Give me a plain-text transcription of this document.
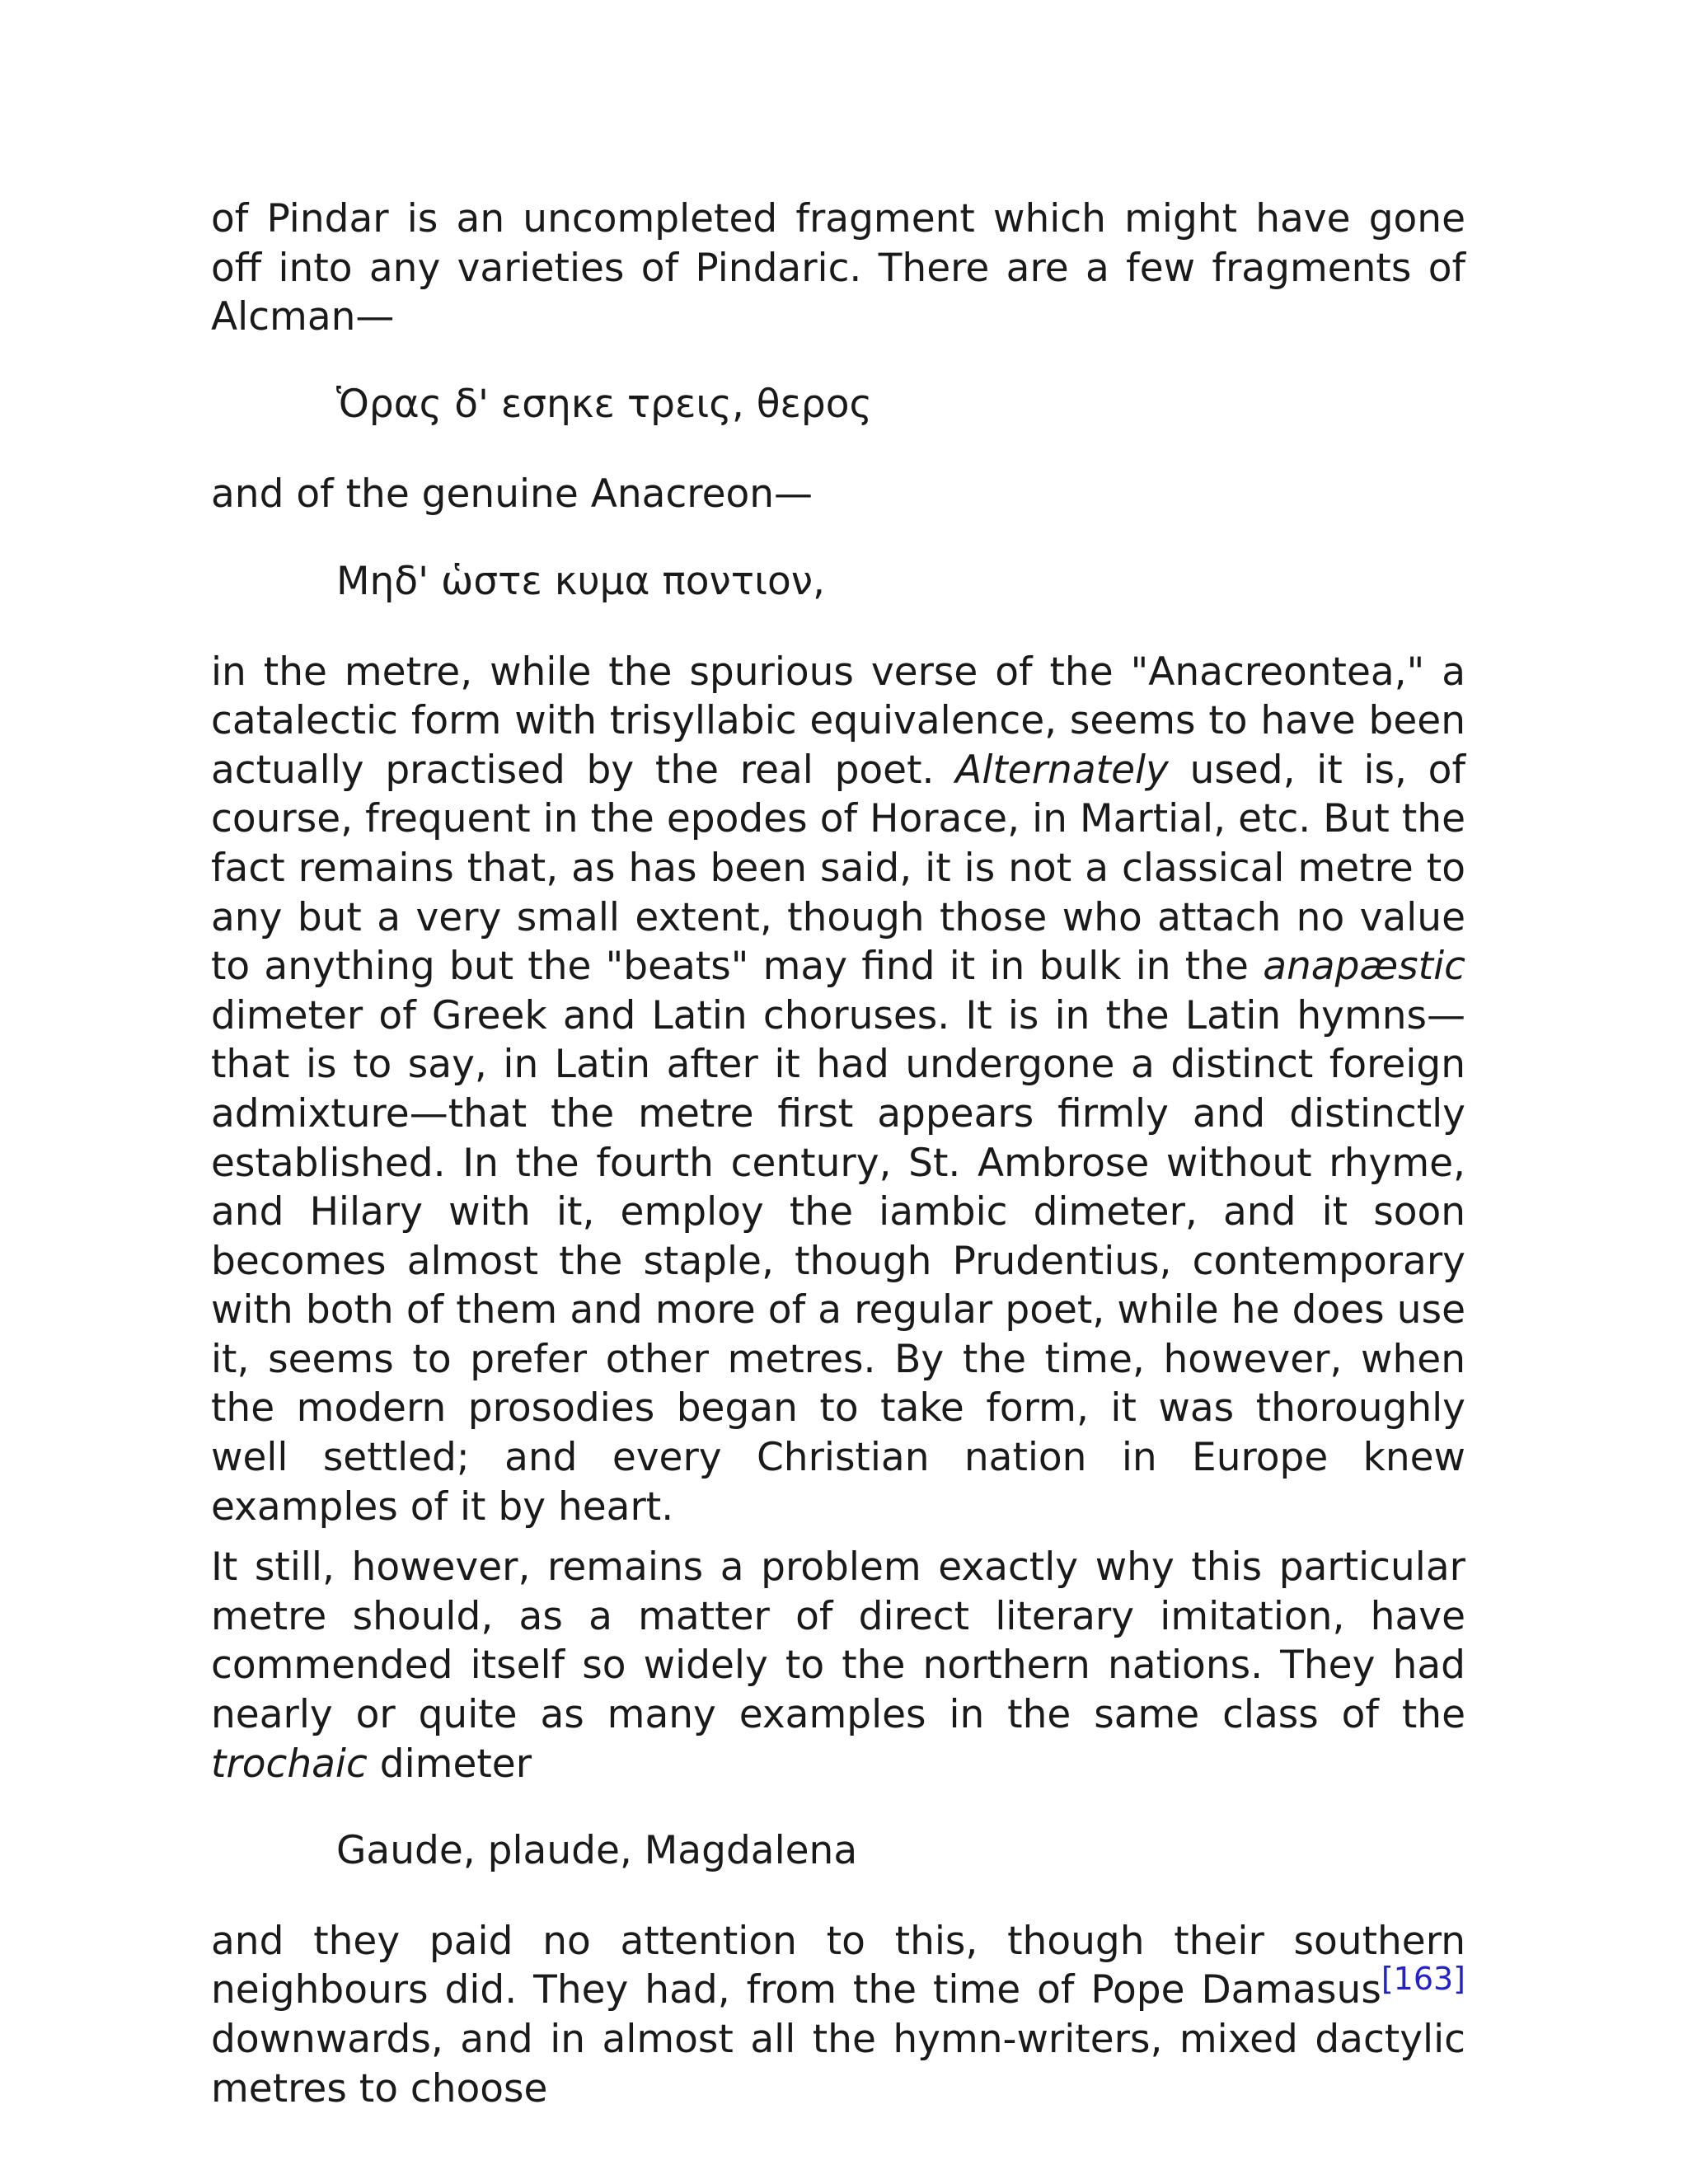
of Pindar is an uncompleted fragment which might have gone off into any varieties of Pindaric. There are a few fragments of Alcman—

Ὁρας δ' εσηκε τρεις, θερος

and of the genuine Anacreon—

Μηδ' ὡστε κυμα ποντιον,

in the metre, while the spurious verse of the "Anacreontea," a catalectic form with trisyllabic equivalence, seems to have been actually practised by the real poet. Alternately used, it is, of course, frequent in the epodes of Horace, in Martial, etc. But the fact remains that, as has been said, it is not a classical metre to any but a very small extent, though those who attach no value to anything but the "beats" may find it in bulk in the anapæstic dimeter of Greek and Latin choruses. It is in the Latin hymns—that is to say, in Latin after it had undergone a distinct foreign admixture—that the metre first appears firmly and distinctly established. In the fourth century, St. Ambrose without rhyme, and Hilary with it, employ the iambic dimeter, and it soon becomes almost the staple, though Prudentius, contemporary with both of them and more of a regular poet, while he does use it, seems to prefer other metres. By the time, however, when the modern prosodies began to take form, it was thoroughly well settled; and every Christian nation in Europe knew examples of it by heart.

It still, however, remains a problem exactly why this particular metre should, as a matter of direct literary imitation, have commended itself so widely to the northern nations. They had nearly or quite as many examples in the same class of the trochaic dimeter

Gaude, plaude, Magdalena

and they paid no attention to this, though their southern neighbours did. They had, from the time of Pope Damasus[163] downwards, and in almost all the hymn-writers, mixed dactylic metres to choose
